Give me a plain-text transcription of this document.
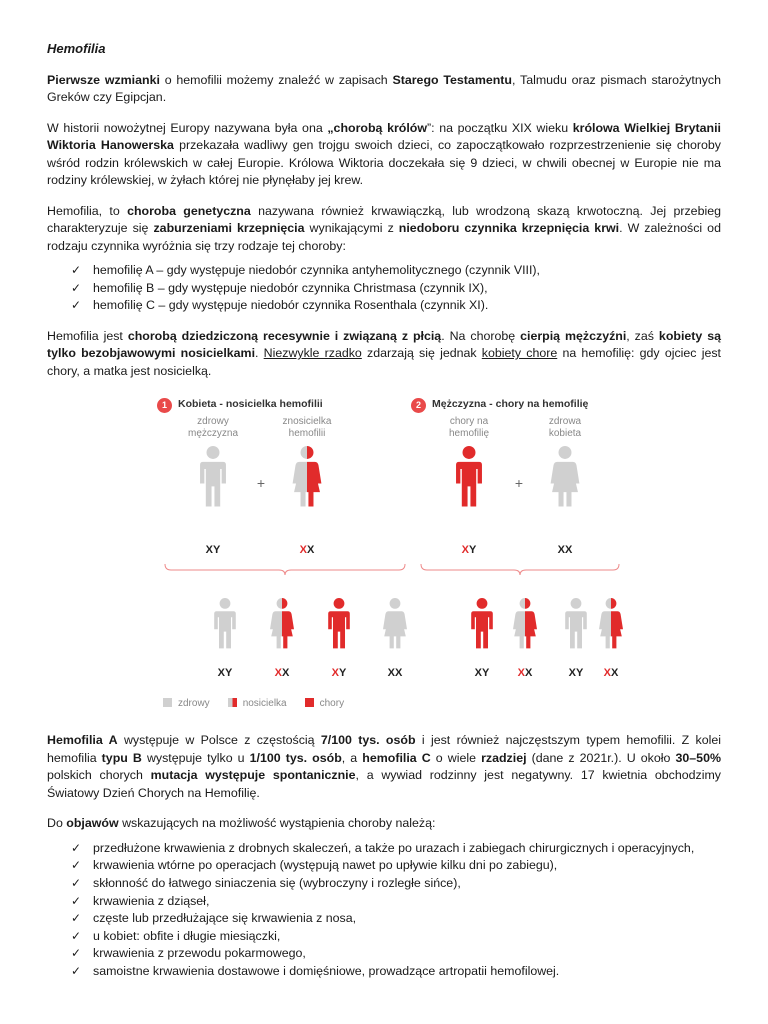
Hemofilia

Pierwsze wzmianki o hemofilii możemy znaleźć w zapisach Starego Testamentu, Talmudu oraz pismach starożytnych Greków czy Egipcjan.

W historii nowożytnej Europy nazywana była ona „chorobą królów”: na początku XIX wieku królowa Wielkiej Brytanii Wiktoria Hanowerska przekazała wadliwy gen trojgu swoich dzieci, co zapoczątkowało rozprzestrzenienie się choroby wśród rodzin królewskich w całej Europie. Królowa Wiktoria doczekała się 9 dzieci, w chwili obecnej w Europie nie ma rodziny królewskiej, w żyłach której nie płynęłaby jej krew.

Hemofilia, to choroba genetyczna nazywana również krwawiączką, lub wrodzoną skazą krwotoczną. Jej przebieg charakteryzuje się zaburzeniami krzepnięcia wynikającymi z niedoboru czynnika krzepnięcia krwi. W zależności od rodzaju czynnika wyróżnia się trzy rodzaje tej choroby:

✓ hemofilię A – gdy występuje niedobór czynnika antyhemolitycznego (czynnik VIII),
✓ hemofilię B – gdy występuje niedobór czynnika Christmasa (czynnik IX),
✓ hemofilię C – gdy występuje niedobór czynnika Rosenthala (czynnik XI).

Hemofilia jest chorobą dziedziczoną recesywnie i związaną z płcią. Na chorobę cierpią mężczyźni, zaś kobiety są tylko bezobjawowymi nosicielkami. Niezwykle rzadko zdarzają się jednak kobiety chore na hemofilię: gdy ojciec jest chory, a matka jest nosicielką.

+	+
1	Kobieta - nosicielka hemofilii	2	Mężczyzna - chory na hemofilię
zdrowy mężczyzna
znosicielka hemofilii
chory na hemofilię
zdrowa kobieta
XY	XX	XY	XX
XY	XX	XY	XX	XY	XX	XY	XX
zdrowy	nosicielka	chory

Hemofilia A występuje w Polsce z częstością 7/100 tys. osób i jest również najczęstszym typem hemofilii. Z kolei hemofilia typu B występuje tylko u 1/100 tys. osób, a hemofilia C o wiele rzadziej (dane z 2021r.). U około 30–50% polskich chorych mutacja występuje spontanicznie, a wywiad rodzinny jest negatywny. 17 kwietnia obchodzimy Światowy Dzień Chorych na Hemofilię.

Do objawów wskazujących na możliwość wystąpienia choroby należą:

✓ przedłużone krwawienia z drobnych skaleczeń, a także po urazach i zabiegach chirurgicznych i operacyjnych,
✓ krwawienia wtórne po operacjach (występują nawet po upływie kilku dni po zabiegu),
✓ skłonność do łatwego siniaczenia się (wybroczyny i rozległe sińce),
✓ krwawienia z dziąseł,
✓ częste lub przedłużające się krwawienia z nosa,
✓ u kobiet: obfite i długie miesiączki,
✓ krwawienia z przewodu pokarmowego,
✓ samoistne krwawienia dostawowe i domięśniowe, prowadzące artropatii hemofilowej.
